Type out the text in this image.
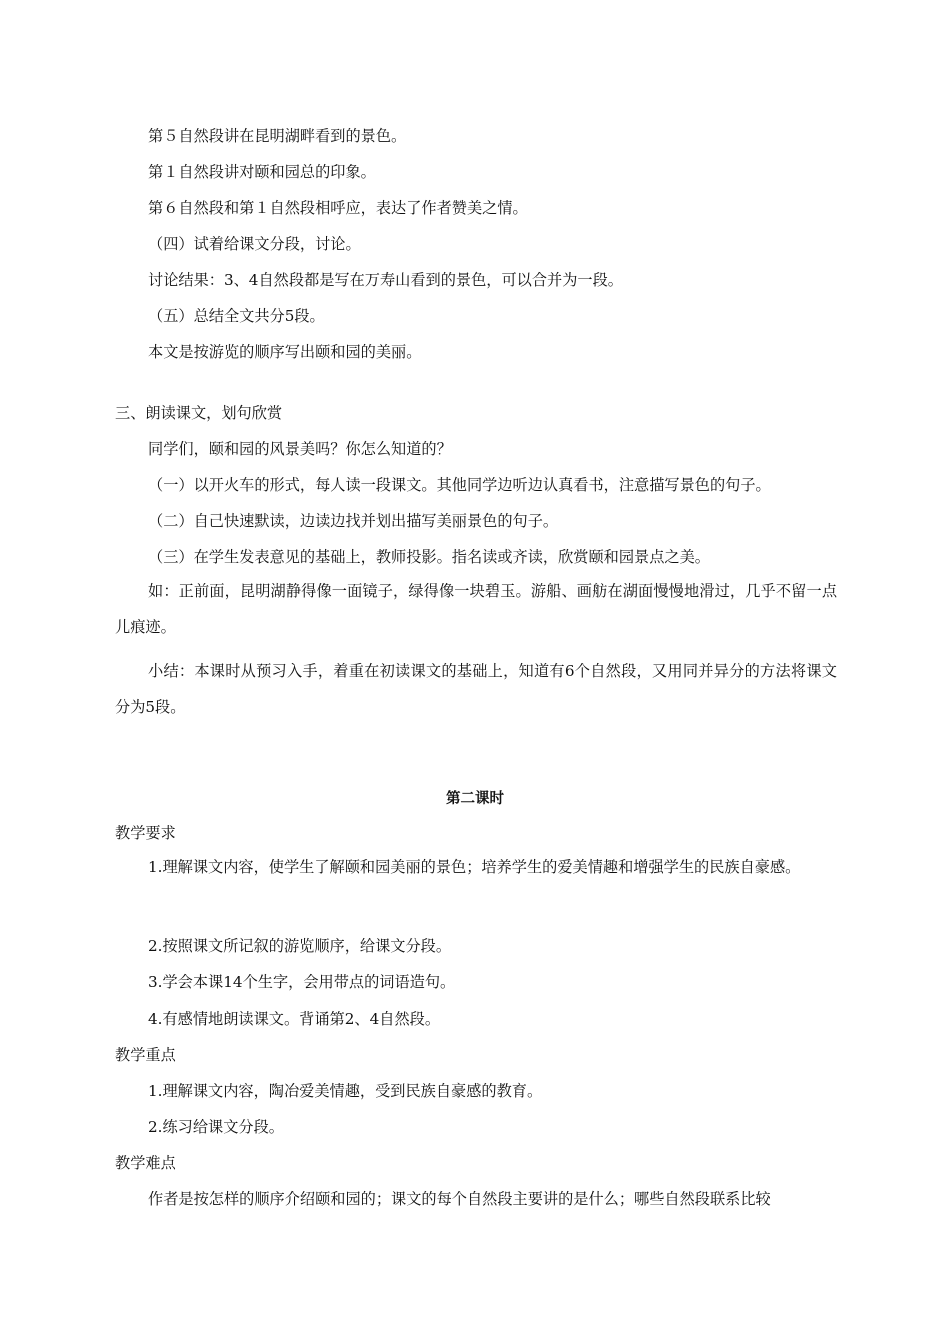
第５自然段讲在昆明湖畔看到的景色。
第１自然段讲对颐和园总的印象。
第６自然段和第１自然段相呼应，表达了作者赞美之情。
（四）试着给课文分段，讨论。
讨论结果：3、4自然段都是写在万寿山看到的景色，可以合并为一段。
（五）总结全文共分5段。
本文是按游览的顺序写出颐和园的美丽。
三、朗读课文，划句欣赏
同学们，颐和园的风景美吗？你怎么知道的？
（一）以开火车的形式，每人读一段课文。其他同学边听边认真看书，注意描写景色的句子。
（二）自己快速默读，边读边找并划出描写美丽景色的句子。
（三）在学生发表意见的基础上，教师投影。指名读或齐读，欣赏颐和园景点之美。
如：正前面，昆明湖静得像一面镜子，绿得像一块碧玉。游船、画舫在湖面慢慢地滑过，几乎不留一点儿痕迹。
小结：本课时从预习入手，着重在初读课文的基础上，知道有6个自然段，又用同并异分的方法将课文分为5段。
第二课时
教学要求
1.理解课文内容，使学生了解颐和园美丽的景色；培养学生的爱美情趣和增强学生的民族自豪感。
2.按照课文所记叙的游览顺序，给课文分段。
3.学会本课14个生字，会用带点的词语造句。
4.有感情地朗读课文。背诵第2、4自然段。
教学重点
1.理解课文内容，陶冶爱美情趣，受到民族自豪感的教育。
2.练习给课文分段。
教学难点
作者是按怎样的顺序介绍颐和园的；课文的每个自然段主要讲的是什么；哪些自然段联系比较
